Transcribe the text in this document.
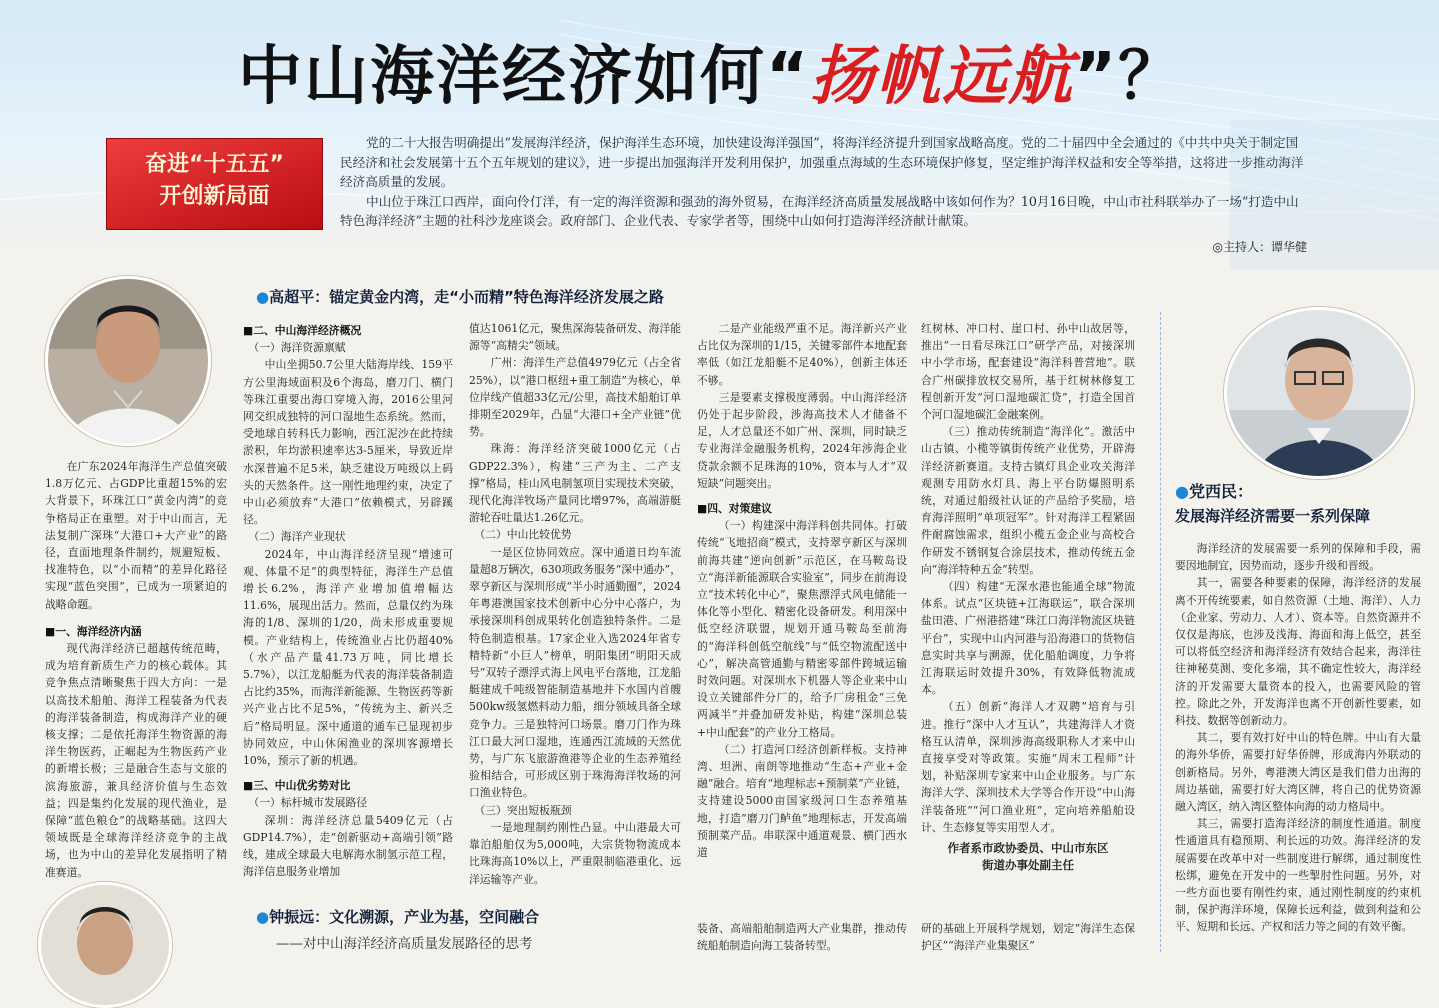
中山海洋经济如何“扬帆远航”？
奋进“十五五”
开创新局面

党的二十大报告明确提出“发展海洋经济，保护海洋生态环境，加快建设海洋强国”，将海洋经济提升到国家战略高度。党的二十届四中全会通过的《中共中央关于制定国民经济和社会发展第十五个五年规划的建议》，进一步提出加强海洋开发利用保护，加强重点海域的生态环境保护修复，坚定维护海洋权益和安全等举措，这将进一步推动海洋经济高质量的发展。

中山位于珠江口西岸，面向伶仃洋，有一定的海洋资源和强劲的海外贸易，在海洋经济高质量发展战略中该如何作为？10月16日晚，中山市社科联举办了一场“打造中山特色海洋经济”主题的社科沙龙座谈会。政府部门、企业代表、专家学者等，围绕中山如何打造海洋经济献计献策。

◎主持人：谭华健
●高超平：锚定黄金内湾，走“小而精”特色海洋经济发展之路

在广东2024年海洋生产总值突破1.8万亿元、占GDP比重超15%的宏大背景下，环珠江口“黄金内湾”的竞争格局正在重塑。对于中山而言，无法复制广深珠“大港口+大产业”的路径，直面地理条件制约，规避短板、找准特色，以“小而精”的差异化路径实现“蓝色突围”，已成为一项紧迫的战略命题。

■一、海洋经济内涵

现代海洋经济已超越传统范畴，成为培育新质生产力的核心载体。其竞争焦点清晰聚焦于四大方向：一是以高技术船舶、海洋工程装备为代表的海洋装备制造，构成海洋产业的硬核支撑；二是依托海洋生物资源的海洋生物医药，正崛起为生物医药产业的新增长极；三是融合生态与文旅的滨海旅游，兼具经济价值与生态效益；四是集约化发展的现代渔业，是保障“蓝色粮仓”的战略基础。这四大领域既是全球海洋经济竞争的主战场，也为中山的差异化发展指明了精准赛道。

■二、中山海洋经济概况

（一）海洋资源禀赋

中山坐拥50.7公里大陆海岸线、159平方公里海域面积及6个海岛，磨刀门、横门等珠江重要出海口穿境入海，2016公里河网交织成独特的河口湿地生态系统。然而，受地球自转科氏力影响，西江泥沙在此持续淤积，年均淤积速率达3-5厘米，导致近岸水深普遍不足5米，缺乏建设万吨级以上码头的天然条件。这一刚性地理约束，决定了中山必须放弃“大港口”依赖模式，另辟蹊径。

（二）海洋产业现状

2024年，中山海洋经济呈现“增速可观、体量不足”的典型特征，海洋生产总值增长6.2%，海洋产业增加值增幅达11.6%，展现出活力。然而，总量仅约为珠海的1/8、深圳的1/20，尚未形成重要规模。产业结构上，传统渔业占比仍超40%（水产品产量41.73万吨，同比增长5.7%），以江龙船艇为代表的海洋装备制造占比约35%，而海洋新能源、生物医药等新兴产业占比不足5%，“传统为主、新兴乏后”格局明显。深中通道的通车已显现初步协同效应，中山休闲渔业的深圳客源增长10%，预示了新的机遇。

■三、中山优劣势对比

（一）标杆城市发展路径

深圳：海洋经济总量5409亿元（占GDP14.7%），走“创新驱动+高端引领”路线，建成全球最大电解海水制氢示范工程，海洋信息服务业增加

值达1061亿元，聚焦深海装备研发、海洋能源等“高精尖”领域。

广州：海洋生产总值4979亿元（占全省25%），以“港口枢纽+重工制造”为核心，单位岸线产值超33亿元/公里，高技术船舶订单排期至2029年，凸显“大港口+全产业链”优势。

珠海：海洋经济突破1000亿元（占GDP22.3%），构建“三产为主、二产支撑”格局，桂山风电制氢项目实现技术突破，现代化海洋牧场产量同比增97%，高端游艇游轮吞吐量达1.26亿元。

（二）中山比较优势

一是区位协同效应。深中通道日均车流量超8万辆次，630项政务服务“深中通办”，翠亨新区与深圳形成“半小时通勤圈”，2024年粤港澳国家技术创新中心分中心落户，为承接深圳科创成果转化创造独特条件。二是特色制造根基。17家企业入选2024年省专精特新“小巨人”榜单，明阳集团“明阳天成号”双转子漂浮式海上风电平台落地，江龙船艇建成千吨级智能制造基地并下水国内首艘500kw级氢燃料动力船，细分领域具备全球竞争力。三是独特河口场景。磨刀门作为珠江口最大河口湿地，连通西江流域的天然优势，与广东飞旅游渔港等企业的生态养殖经验相结合，可形成区别于珠海海洋牧场的河口渔业特色。

（三）突出短板瓶颈

一是地理制约刚性凸显。中山港最大可靠泊船舶仅为5,000吨，大宗货物物流成本比珠海高10%以上，严重限制临港重化、远洋运输等产业。

二是产业能级严重不足。海洋新兴产业占比仅为深圳的1/15，关键零部件本地配套率低（如江龙船艇不足40%），创新主体还不够。

三是要素支撑极度薄弱。中山海洋经济仍处于起步阶段，涉海高技术人才储备不足，人才总量还不如广州、深圳，同时缺乏专业海洋金融服务机构，2024年涉海企业贷款余额不足珠海的10%，资本与人才“双短缺”问题突出。

■四、对策建议

（一）构建深中海洋科创共同体。打破传统“飞地招商”模式，支持翠亨新区与深圳前海共建“逆向创新”示范区，在马鞍岛设立“海洋新能源联合实验室”，同步在前海设立“技术转化中心”，聚焦漂浮式风电储能一体化等小型化、精密化设备研发。利用深中低空经济联盟，规划开通马鞍岛至前海的“海洋科创低空航线”与“低空物流配送中心”，解决高管通勤与精密零部件跨城运输时效问题。对深圳水下机器人等企业来中山设立关键部件分厂的，给予厂房租金“三免两减半”并叠加研发补贴，构建“深圳总装+中山配套”的产业分工格局。

（二）打造河口经济创新样板。支持神湾、坦洲、南朗等地推动“生态+产业+金融”融合。培育“地理标志+预制菜”产业链，支持建设5000亩国家级河口生态养殖基地，打造“磨刀门鲈鱼”地理标志，开发高端预制菜产品。串联深中通道观景、横门西水道

红树林、冲口村、崖口村、孙中山故居等，推出“一日看尽珠江口”研学产品，对接深圳中小学市场，配套建设“海洋科普营地”。联合广州碳排放权交易所，基于红树林修复工程创新开发“河口湿地碳汇贷”，打造全国首个河口湿地碳汇金融案例。

（三）推动传统制造“海洋化”。激活中山古镇、小榄等镇街传统产业优势，开辟海洋经济新赛道。支持古镇灯具企业攻关海洋观测专用防水灯具、海上平台防爆照明系统，对通过船级社认证的产品给予奖励，培育海洋照明“单项冠军”。针对海洋工程紧固件耐腐蚀需求，组织小榄五金企业与高校合作研发不锈钢复合涂层技术，推动传统五金向“海洋特种五金”转型。

（四）构建“无深水港也能通全球”物流体系。试点“区块链+江海联运”，联合深圳盐田港、广州港搭建“珠江口海洋物流区块链平台”，实现中山内河港与沿海港口的货物信息实时共享与溯源，优化船舶调度，力争将江海联运时效提升30%，有效降低物流成本。

（五）创新“海洋人才双聘”培育与引进。推行“深中人才互认”，共建海洋人才资格互认清单，深圳涉海高级职称人才来中山直接享受对等政策。实施“周末工程师”计划，补贴深圳专家来中山企业服务。与广东海洋大学、深圳技术大学等合作开设“中山海洋装备班”“河口渔业班”，定向培养船舶设计、生态修复等实用型人才。

作者系市政协委员、中山市东区

街道办事处副主任

●党西民：
发展海洋经济需要一系列保障

海洋经济的发展需要一系列的保障和手段，需要因地制宜，因势而动，逐步升级和晋级。

其一，需要各种要素的保障，海洋经济的发展离不开传统要素，如自然资源（土地、海洋）、人力（企业家、劳动力、人才）、资本等。自然资源并不仅仅是海底，也涉及浅海、海面和海上低空，甚至可以将低空经济和海洋经济有效结合起来，海洋往往神秘莫测、变化多端，其不确定性较大，海洋经济的开发需要大量资本的投入，也需要风险的管控。除此之外，开发海洋也离不开创新性要素，如科技、数据等创新动力。

其二，要有效打好中山的特色牌。中山有大量的海外华侨，需要打好华侨牌，形成海内外联动的创新格局。另外，粤港澳大湾区是我们借力出海的周边基础，需要打好大湾区牌，将自己的优势资源融入湾区，纳入湾区整体向海的动力格局中。

其三，需要打造海洋经济的制度性通道。制度性通道具有稳预期、利长远的功效。海洋经济的发展需要在改革中对一些制度进行解绑，通过制度性松绑，避免在开发中的一些掣肘性问题。另外，对一些方面也要有刚性约束，通过刚性制度的约束机制，保护海洋环境，保障长远利益，做到利益和公平、短期和长远、产权和活力等之间的有效平衡。

●钟振远：文化溯源，产业为基，空间融合
——对中山海洋经济高质量发展路径的思考

装备、高端船舶制造两大产业集群，推动传统船舶制造向海工装备转型。

研的基础上开展科学规划，划定“海洋生态保护区”“海洋产业集聚区”
